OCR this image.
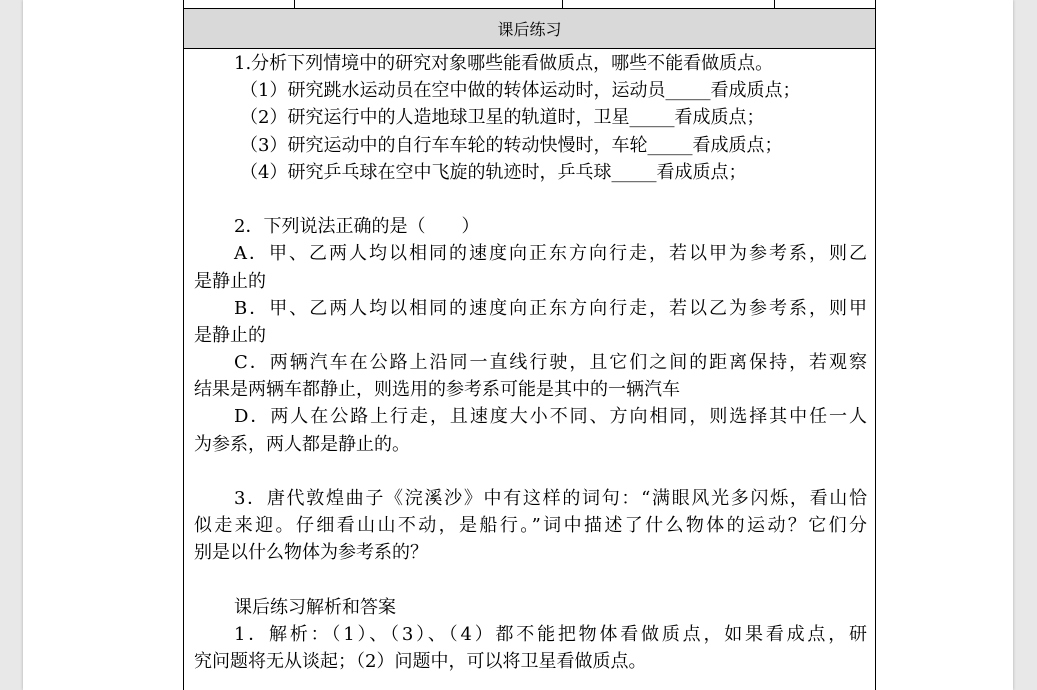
课后练习
1.分析下列情境中的研究对象哪些能看做质点，哪些不能看做质点。
（1）研究跳水运动员在空中做的转体运动时，运动员_____看成质点；
（2）研究运行中的人造地球卫星的轨道时，卫星_____看成质点；
（3）研究运动中的自行车车轮的转动快慢时，车轮_____看成质点；
（4）研究乒乓球在空中飞旋的轨迹时，乒乓球_____看成质点；
2．下列说法正确的是（　　）
A．甲、乙两人均以相同的速度向正东方向行走，若以甲为参考系，则乙
是静止的
B．甲、乙两人均以相同的速度向正东方向行走，若以乙为参考系，则甲
是静止的
C．两辆汽车在公路上沿同一直线行驶，且它们之间的距离保持，若观察
结果是两辆车都静止，则选用的参考系可能是其中的一辆汽车
D．两人在公路上行走，且速度大小不同、方向相同，则选择其中任一人
为参系，两人都是静止的。
3．唐代敦煌曲子《浣溪沙》中有这样的词句：“满眼风光多闪烁，看山恰
似走来迎。仔细看山山不动，是船行。”词中描述了什么物体的运动？它们分
别是以什么物体为参考系的？
课后练习解析和答案
1．解析：（1）、（3）、（4）都不能把物体看做质点，如果看成点，研
究问题将无从谈起；（2）问题中，可以将卫星看做质点。
